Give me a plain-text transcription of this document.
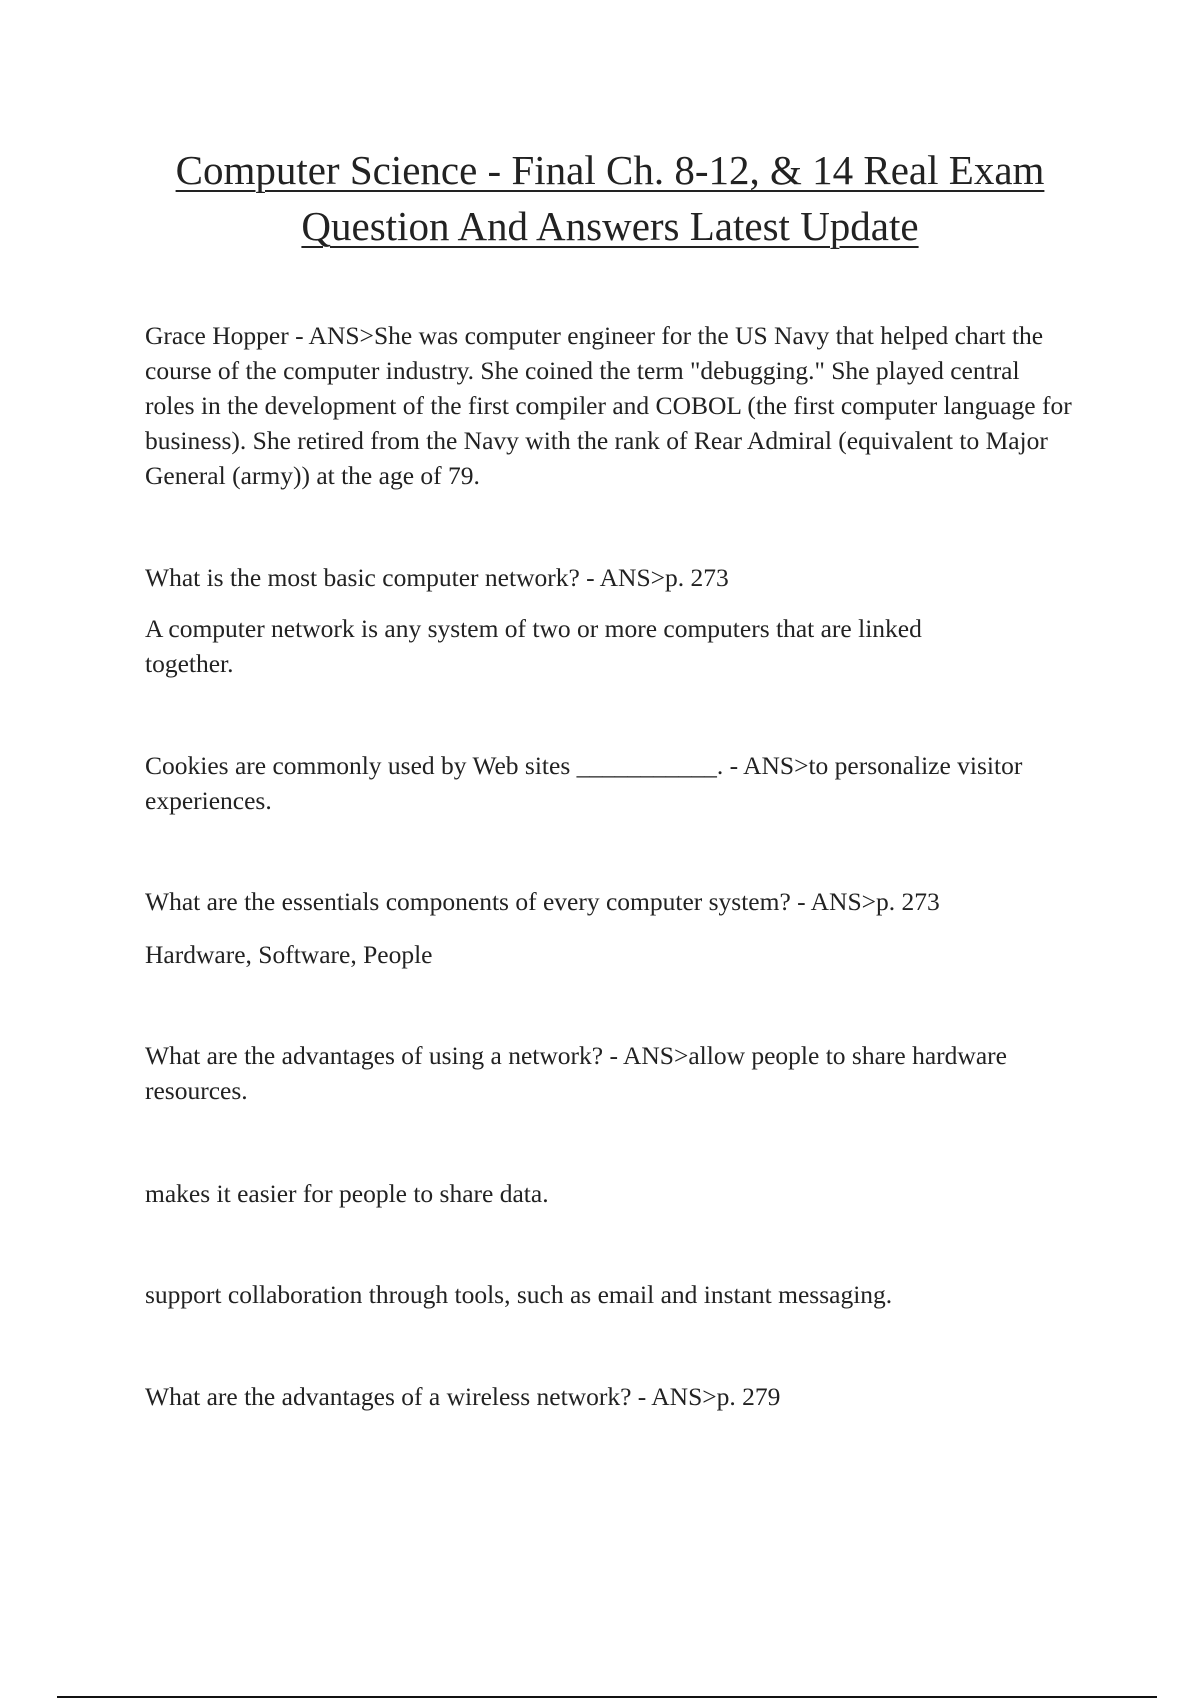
Computer Science - Final Ch. 8-12, & 14 Real Exam
Question And Answers Latest Update

Grace Hopper - ANS>She was computer engineer for the US Navy that helped chart the course of the computer industry. She coined the term "debugging." She played central roles in the development of the first compiler and COBOL (the first computer language for business). She retired from the Navy with the rank of Rear Admiral (equivalent to Major General (army)) at the age of 79.

What is the most basic computer network? - ANS>p. 273

A computer network is any system of two or more computers that are linked together.

Cookies are commonly used by Web sites ___________. - ANS>to personalize visitor experiences.

What are the essentials components of every computer system? - ANS>p. 273

Hardware, Software, People

What are the advantages of using a network? - ANS>allow people to share hardware resources.

makes it easier for people to share data.

support collaboration through tools, such as email and instant messaging.

What are the advantages of a wireless network? - ANS>p. 279
